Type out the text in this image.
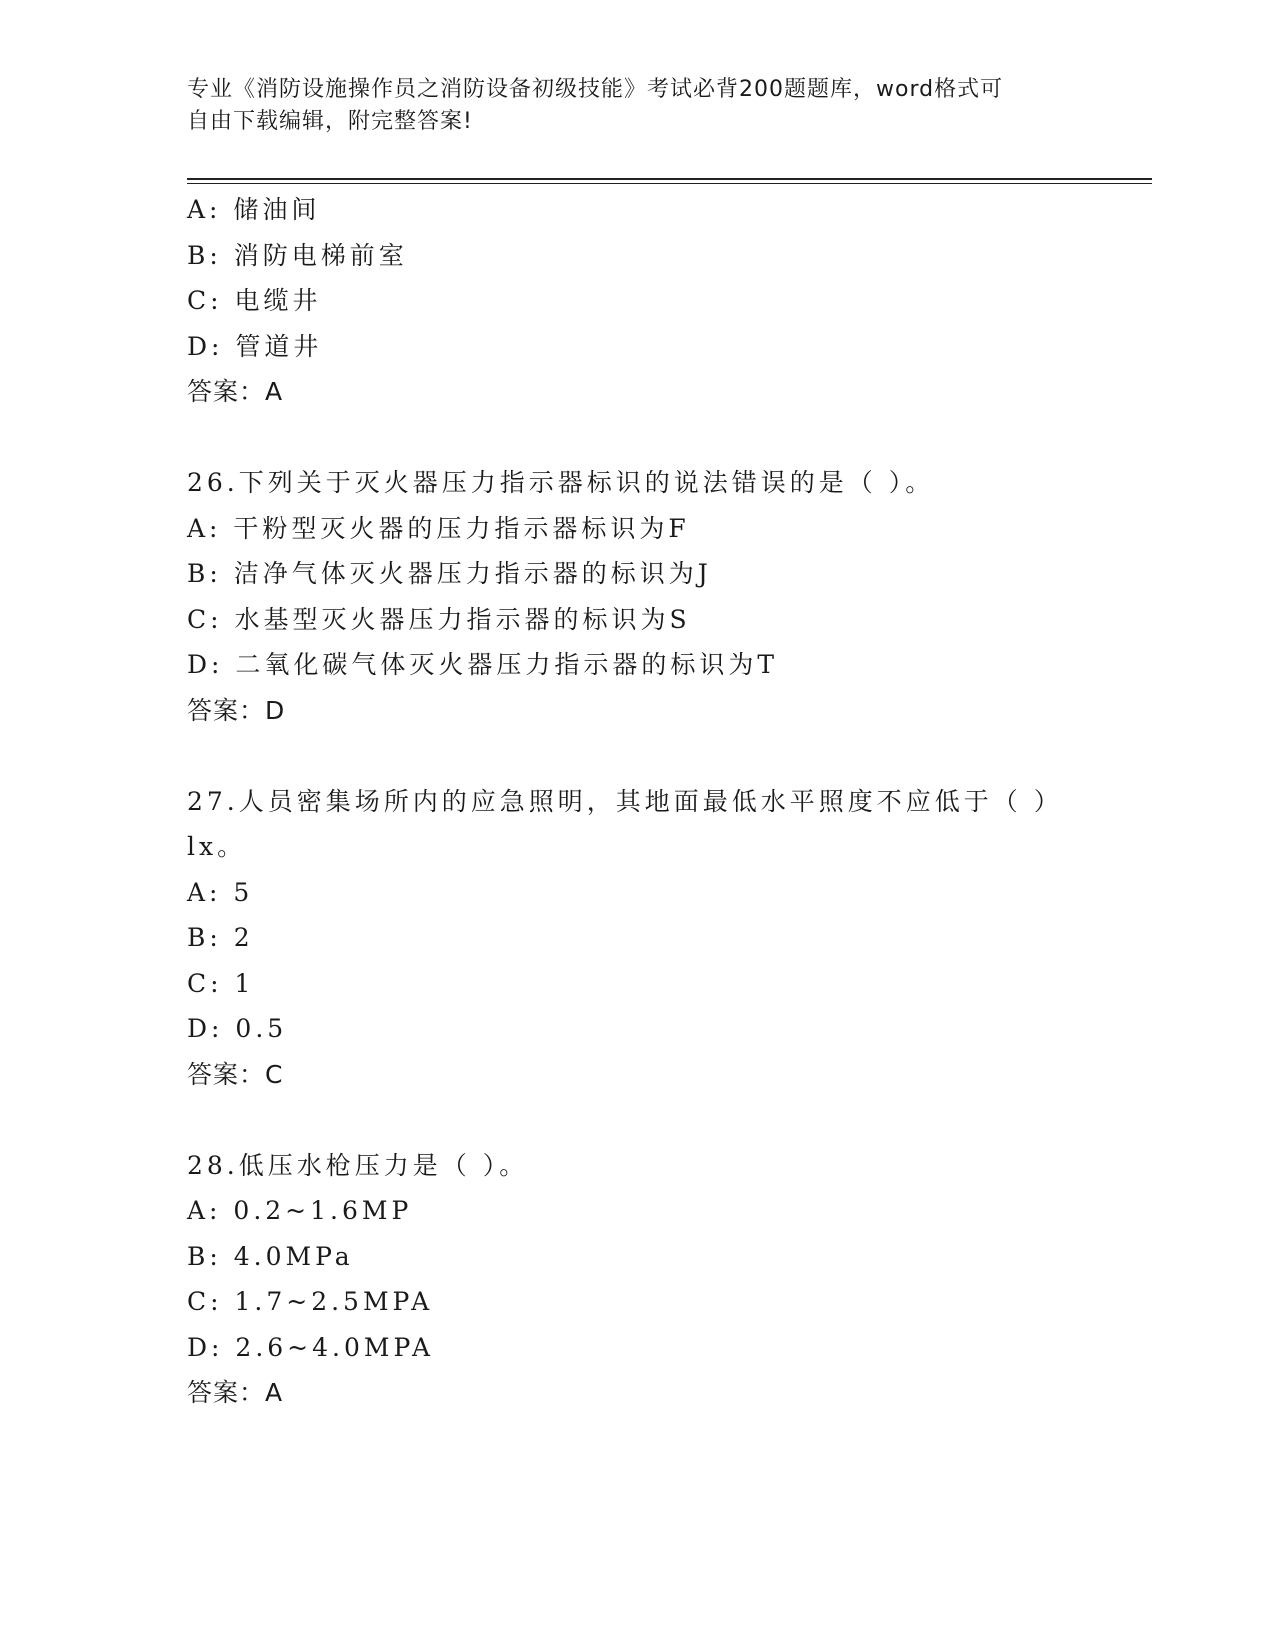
专业《消防设施操作员之消防设备初级技能》考试必背200题题库，word格式可
自由下载编辑，附完整答案!
A: 储油间
B: 消防电梯前室
C: 电缆井
D: 管道井
答案：A
26.下列关于灭火器压力指示器标识的说法错误的是（ ）。
A: 干粉型灭火器的压力指示器标识为F
B: 洁净气体灭火器压力指示器的标识为J
C: 水基型灭火器压力指示器的标识为S
D: 二氧化碳气体灭火器压力指示器的标识为T
答案：D
27.人员密集场所内的应急照明，其地面最低水平照度不应低于（ ）
lx。
A: 5
B: 2
C: 1
D: 0.5
答案：C
28.低压水枪压力是（ ）。
A: 0.2~1.6MP
B: 4.0MPa
C: 1.7~2.5MPA
D: 2.6~4.0MPA
答案：A
